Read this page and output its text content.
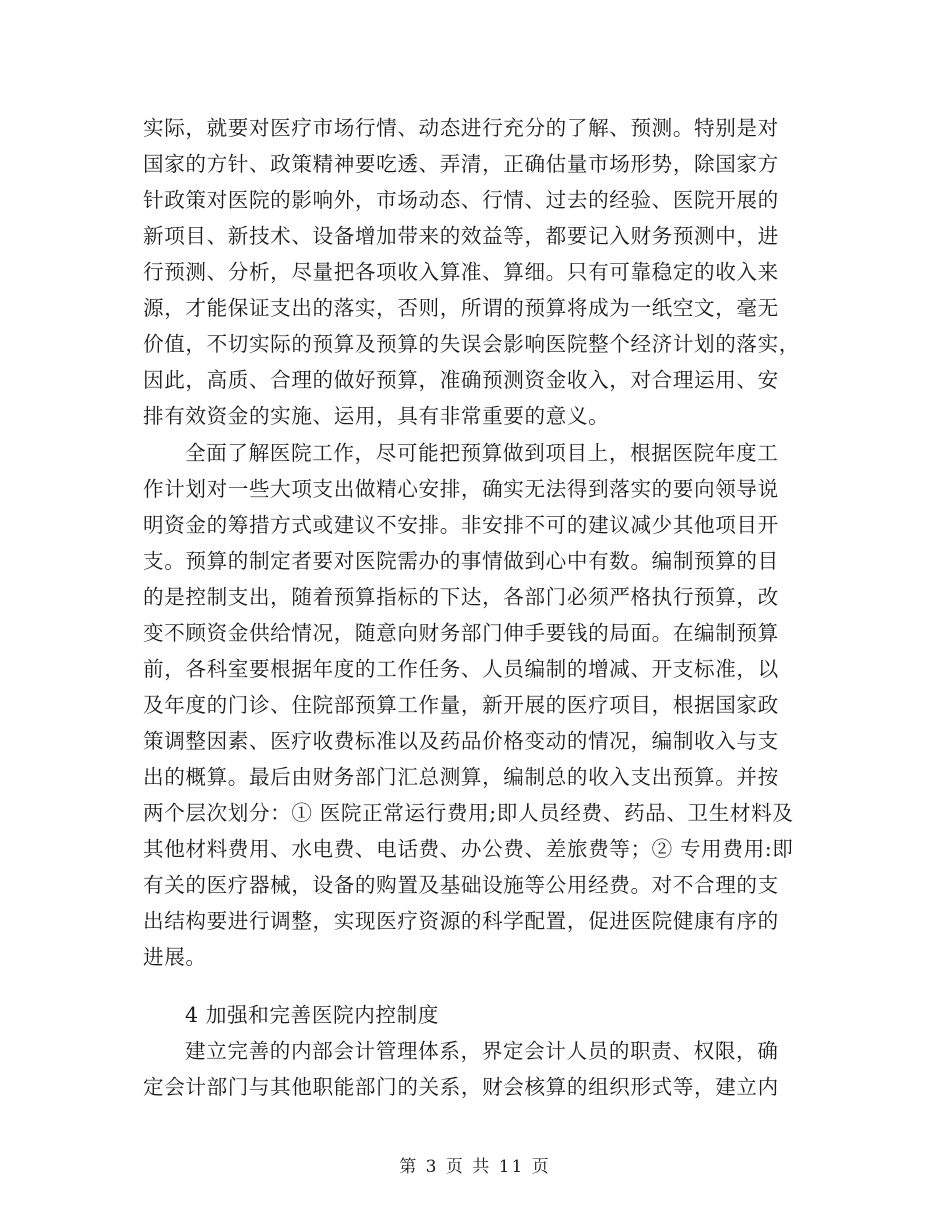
实际，就要对医疗市场行情、动态进行充分的了解、预测。特别是对
国家的方针、政策精神要吃透、弄清，正确估量市场形势，除国家方
针政策对医院的影响外，市场动态、行情、过去的经验、医院开展的
新项目、新技术、设备增加带来的效益等，都要记入财务预测中，进
行预测、分析，尽量把各项收入算准、算细。只有可靠稳定的收入来
源，才能保证支出的落实，否则，所谓的预算将成为一纸空文，毫无
价值，不切实际的预算及预算的失误会影响医院整个经济计划的落实，
因此，高质、合理的做好预算，准确预测资金收入，对合理运用、安
排有效资金的实施、运用，具有非常重要的意义。
全面了解医院工作，尽可能把预算做到项目上，根据医院年度工
作计划对一些大项支出做精心安排，确实无法得到落实的要向领导说
明资金的筹措方式或建议不安排。非安排不可的建议减少其他项目开
支。预算的制定者要对医院需办的事情做到心中有数。编制预算的目
的是控制支出，随着预算指标的下达，各部门必须严格执行预算，改
变不顾资金供给情况，随意向财务部门伸手要钱的局面。在编制预算
前，各科室要根据年度的工作任务、人员编制的增减、开支标准，以
及年度的门诊、住院部预算工作量，新开展的医疗项目，根据国家政
策调整因素、医疗收费标准以及药品价格变动的情况，编制收入与支
出的概算。最后由财务部门汇总测算，编制总的收入支出预算。并按
两个层次划分：① 医院正常运行费用;即人员经费、药品、卫生材料及
其他材料费用、水电费、电话费、办公费、差旅费等；② 专用费用:即
有关的医疗器械，设备的购置及基础设施等公用经费。对不合理的支
出结构要进行调整，实现医疗资源的科学配置，促进医院健康有序的
进展。
4 加强和完善医院内控制度
建立完善的内部会计管理体系，界定会计人员的职责、权限，确
定会计部门与其他职能部门的关系，财会核算的组织形式等，建立内
第 3 页 共 11 页
